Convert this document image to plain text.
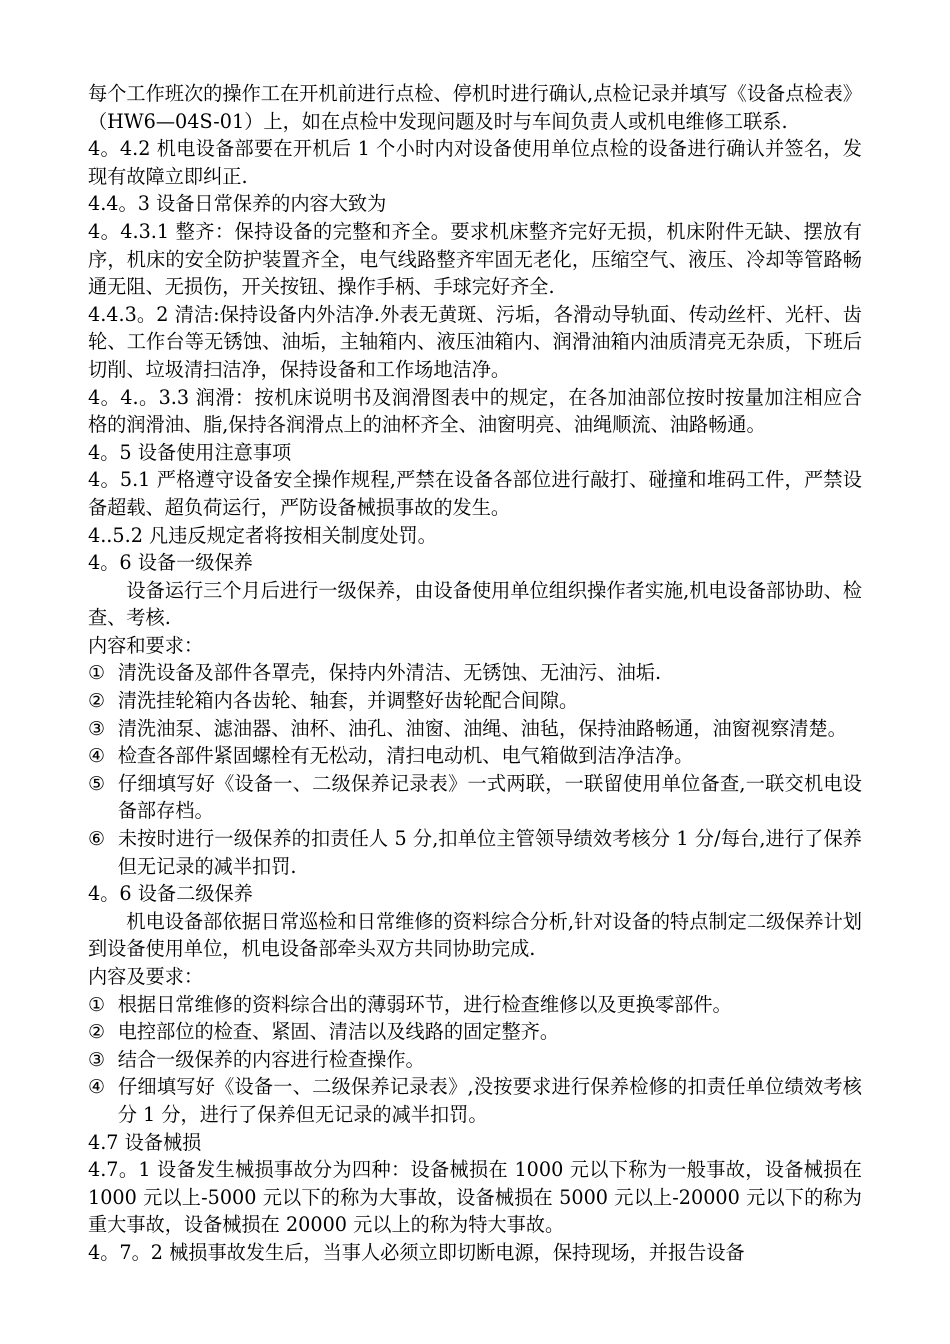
每个工作班次的操作工在开机前进行点检、停机时进行确认,点检记录并填写《设备点检表》（HW6—04S-01）上，如在点检中发现问题及时与车间负责人或机电维修工联系.

4。4.2 机电设备部要在开机后 1 个小时内对设备使用单位点检的设备进行确认并签名，发现有故障立即纠正.

4.4。3 设备日常保养的内容大致为

4。4.3.1 整齐：保持设备的完整和齐全。要求机床整齐完好无损，机床附件无缺、摆放有序，机床的安全防护装置齐全，电气线路整齐牢固无老化，压缩空气、液压、冷却等管路畅通无阻、无损伤，开关按钮、操作手柄、手球完好齐全.

4.4.3。2 清洁:保持设备内外洁净.外表无黄斑、污垢，各滑动导轨面、传动丝杆、光杆、齿轮、工作台等无锈蚀、油垢，主轴箱内、液压油箱内、润滑油箱内油质清亮无杂质，下班后切削、垃圾清扫洁净，保持设备和工作场地洁净。

4。4.。3.3 润滑：按机床说明书及润滑图表中的规定，在各加油部位按时按量加注相应合格的润滑油、脂,保持各润滑点上的油杯齐全、油窗明亮、油绳顺流、油路畅通。

4。5 设备使用注意事项

4。5.1 严格遵守设备安全操作规程,严禁在设备各部位进行敲打、碰撞和堆码工件，严禁设备超载、超负荷运行，严防设备械损事故的发生。

4..5.2 凡违反规定者将按相关制度处罚。

4。6 设备一级保养

设备运行三个月后进行一级保养，由设备使用单位组织操作者实施,机电设备部协助、检查、考核.

内容和要求：

① 清洗设备及部件各罩壳，保持内外清洁、无锈蚀、无油污、油垢.

② 清洗挂轮箱内各齿轮、轴套，并调整好齿轮配合间隙。

③ 清洗油泵、滤油器、油杯、油孔、油窗、油绳、油毡，保持油路畅通，油窗视察清楚。

④ 检查各部件紧固螺栓有无松动，清扫电动机、电气箱做到洁净洁净。

⑤ 仔细填写好《设备一、二级保养记录表》一式两联，一联留使用单位备查,一联交机电设备部存档。

⑥ 未按时进行一级保养的扣责任人 5 分,扣单位主管领导绩效考核分 1 分/每台,进行了保养但无记录的减半扣罚.

4。6 设备二级保养

机电设备部依据日常巡检和日常维修的资料综合分析,针对设备的特点制定二级保养计划到设备使用单位，机电设备部牵头双方共同协助完成.

内容及要求：

① 根据日常维修的资料综合出的薄弱环节，进行检查维修以及更换零部件。

② 电控部位的检查、紧固、清洁以及线路的固定整齐。

③ 结合一级保养的内容进行检查操作。

④ 仔细填写好《设备一、二级保养记录表》,没按要求进行保养检修的扣责任单位绩效考核分 1 分，进行了保养但无记录的减半扣罚。

4.7 设备械损

4.7。1 设备发生械损事故分为四种：设备械损在 1000 元以下称为一般事故，设备械损在 1000 元以上-5000 元以下的称为大事故，设备械损在 5000 元以上-20000 元以下的称为重大事故，设备械损在 20000 元以上的称为特大事故。

4。7。2 械损事故发生后，当事人必须立即切断电源，保持现场，并报告设备
